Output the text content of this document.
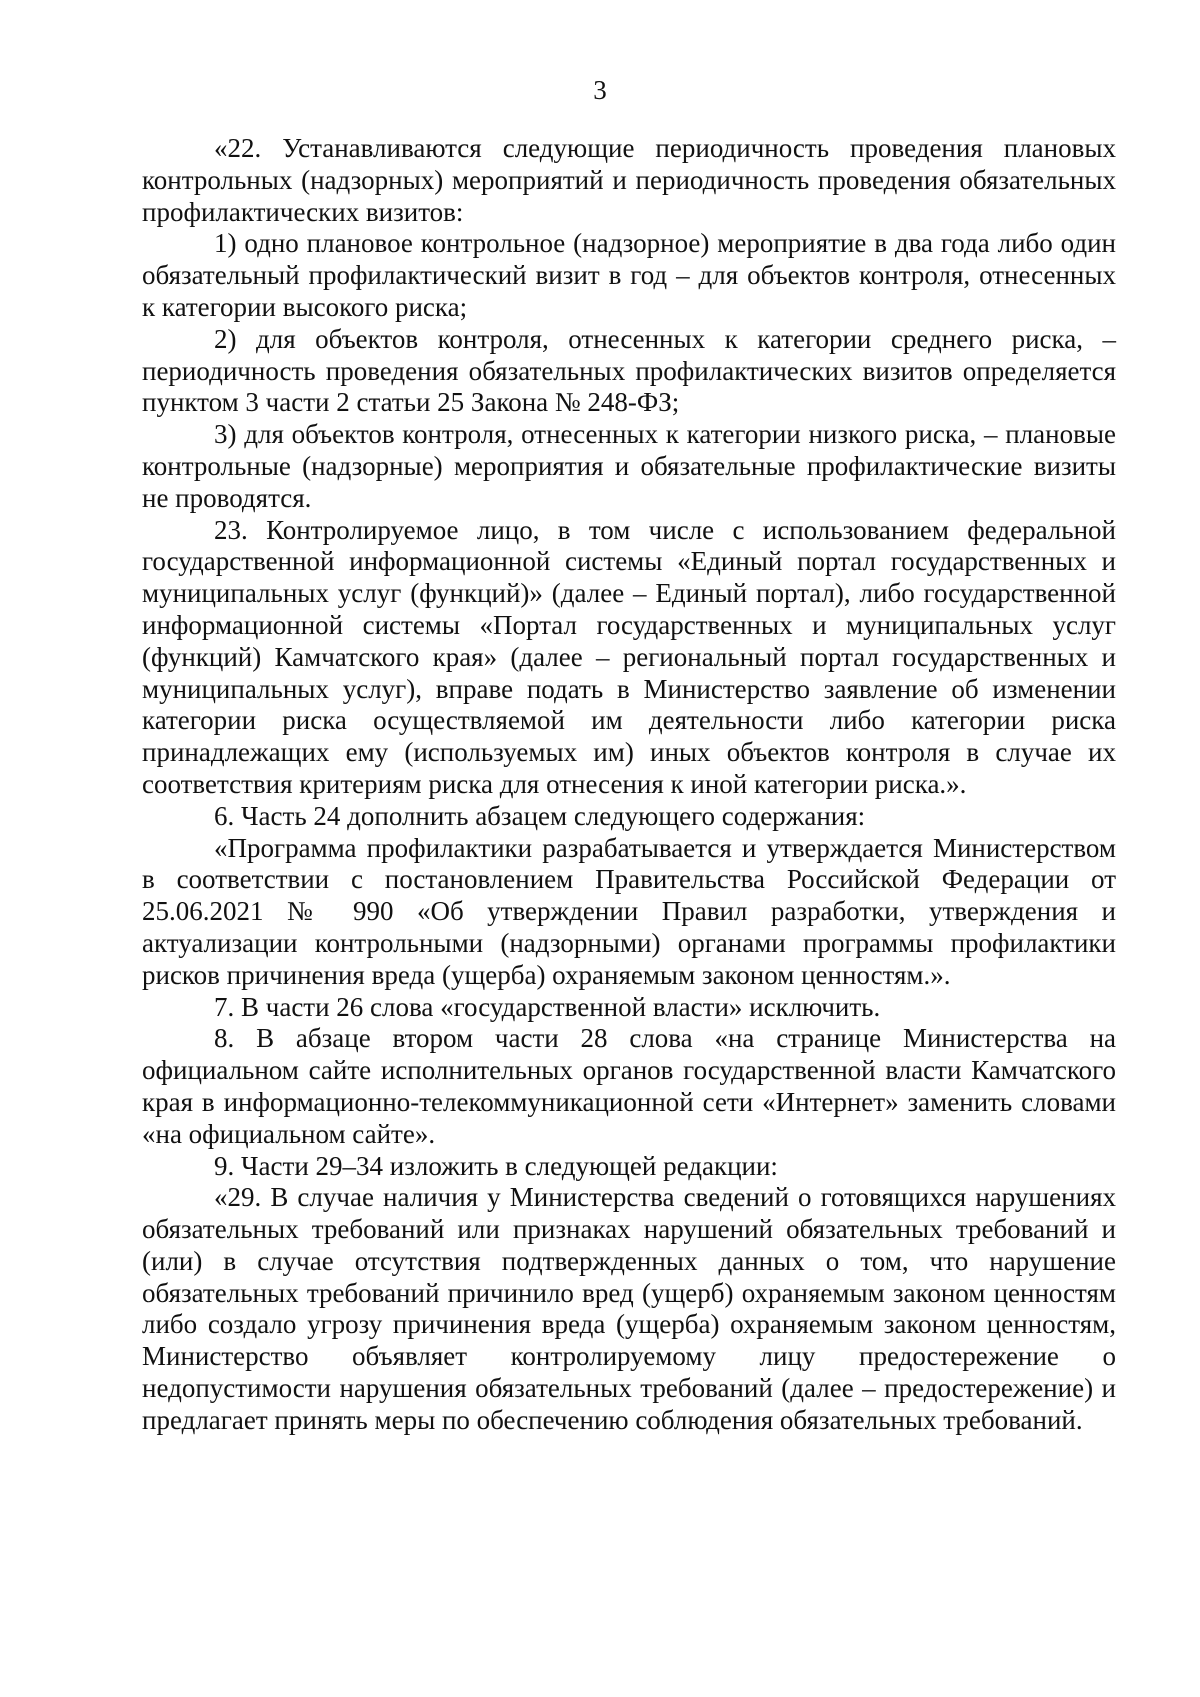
3

«22. Устанавливаются следующие периодичность проведения плановых контрольных (надзорных) мероприятий и периодичность проведения обязательных профилактических визитов:

1) одно плановое контрольное (надзорное) мероприятие в два года либо один обязательный профилактический визит в год – для объектов контроля, отнесенных к категории высокого риска;

2) для объектов контроля, отнесенных к категории среднего риска, – периодичность проведения обязательных профилактических визитов определяется пунктом 3 части 2 статьи 25 Закона № 248-ФЗ;

3) для объектов контроля, отнесенных к категории низкого риска, – плановые контрольные (надзорные) мероприятия и обязательные профилактические визиты не проводятся.

23. Контролируемое лицо, в том числе с использованием федеральной государственной информационной системы «Единый портал государственных и муниципальных услуг (функций)» (далее – Единый портал), либо государственной информационной системы «Портал государственных и муниципальных услуг (функций) Камчатского края» (далее – региональный портал государственных и муниципальных услуг), вправе подать в Министерство заявление об изменении категории риска осуществляемой им деятельности либо категории риска принадлежащих ему (используемых им) иных объектов контроля в случае их соответствия критериям риска для отнесения к иной категории риска.».

6. Часть 24 дополнить абзацем следующего содержания:

«Программа профилактики разрабатывается и утверждается Министерством в соответствии с постановлением Правительства Российской Федерации от 25.06.2021 № 990 «Об утверждении Правил разработки, утверждения и актуализации контрольными (надзорными) органами программы профилактики рисков причинения вреда (ущерба) охраняемым законом ценностям.».

7. В части 26 слова «государственной власти» исключить.

8. В абзаце втором части 28 слова «на странице Министерства на официальном сайте исполнительных органов государственной власти Камчатского края в информационно-телекоммуникационной сети «Интернет» заменить словами «на официальном сайте».

9. Части 29–34 изложить в следующей редакции:

«29. В случае наличия у Министерства сведений о готовящихся нарушениях обязательных требований или признаках нарушений обязательных требований и (или) в случае отсутствия подтвержденных данных о том, что нарушение обязательных требований причинило вред (ущерб) охраняемым законом ценностям либо создало угрозу причинения вреда (ущерба) охраняемым законом ценностям, Министерство объявляет контролируемому лицу предостережение о недопустимости нарушения обязательных требований (далее – предостережение) и предлагает принять меры по обеспечению соблюдения обязательных требований.
